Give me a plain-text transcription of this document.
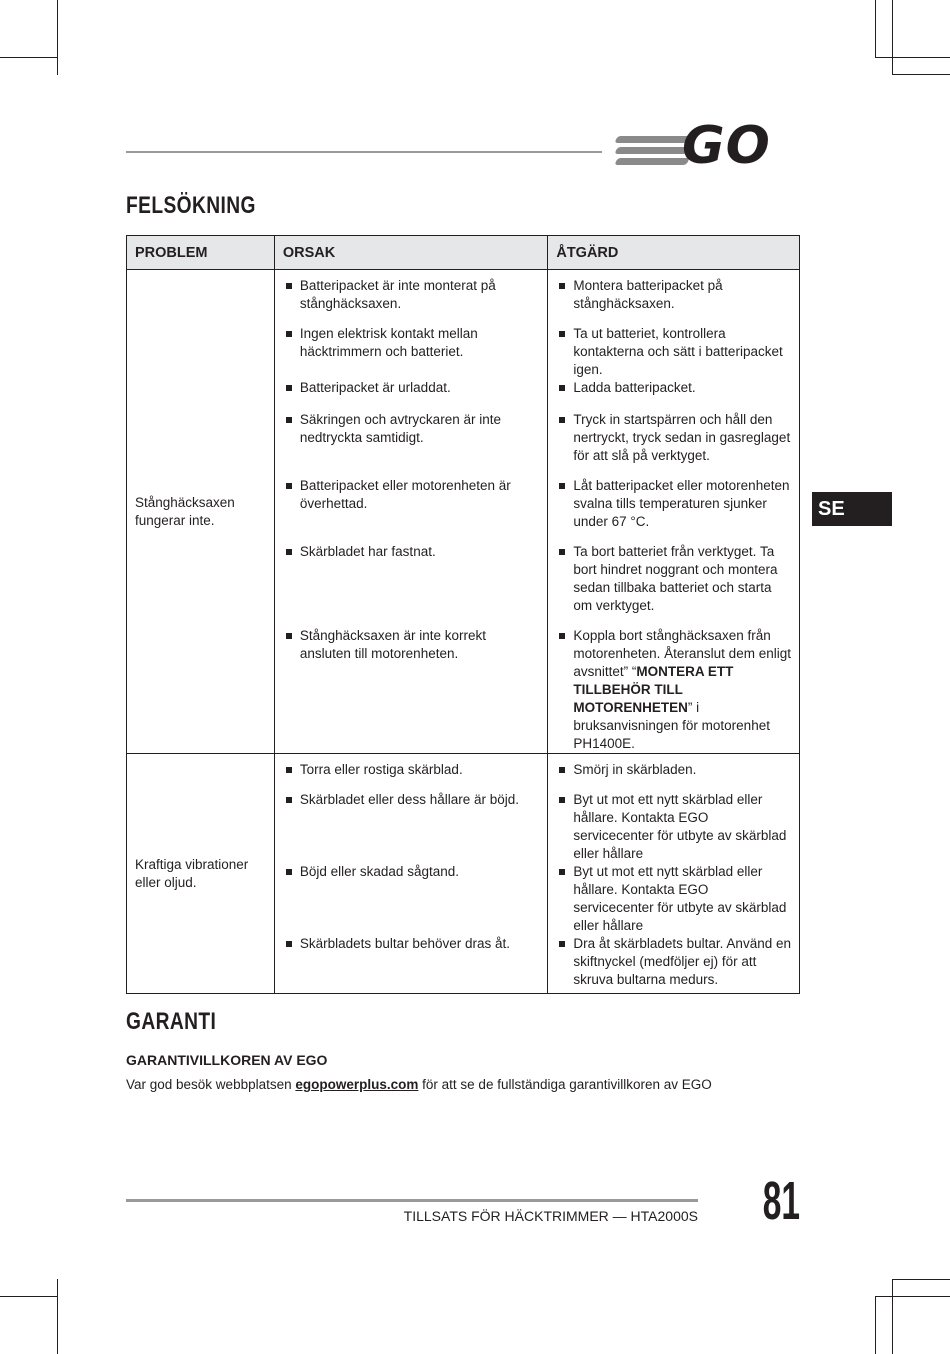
GO
FELSÖKNING
PROBLEM	ORSAK	ÅTGÄRD
Stånghäcksaxen fungerar inte.	Batteripacket är inte monterat på stånghäcksaxen.	Montera batteripacket på stånghäcksaxen.

	Ingen elektrisk kontakt mellan häcktrimmern och batteriet.	Ta ut batteriet, kontrollera kontakterna och sätt i batteripacket igen.

	Batteripacket är urladdat.	Ladda batteripacket.

	Säkringen och avtryckaren är inte nedtryckta samtidigt.	Tryck in startspärren och håll den nertryckt, tryck sedan in gasreglaget för att slå på verktyget.

	Batteripacket eller motorenheten är överhettad.	Låt batteripacket eller motorenheten svalna tills temperaturen sjunker under 67 °C.

	Skärbladet har fastnat.	Ta bort batteriet från verktyget. Ta bort hindret noggrant och montera sedan tillbaka batteriet och starta om verktyget.

	Stånghäcksaxen är inte korrekt ansluten till motorenheten.	Koppla bort stånghäcksaxen från motorenheten. Återanslut dem enligt avsnittet” “MONTERA ETT TILLBEHÖR TILL MOTORENHETEN” i bruksanvisningen för motorenhet PH1400E.

Kraftiga vibrationer eller oljud.	Torra eller rostiga skärblad.	Smörj in skärbladen.

	Skärbladet eller dess hållare är böjd.	Byt ut mot ett nytt skärblad eller hållare. Kontakta EGO servicecenter för utbyte av skärblad eller hållare

	Böjd eller skadad sågtand.	Byt ut mot ett nytt skärblad eller hållare. Kontakta EGO servicecenter för utbyte av skärblad eller hållare

	Skärbladets bultar behöver dras åt.	Dra åt skärbladets bultar. Använd en skiftnyckel (medföljer ej) för att skruva bultarna medurs.
SE
GARANTI

GARANTIVILLKOREN AV EGO

Var god besök webbplatsen egopowerplus.com för att se de fullständiga garantivillkoren av EGO

TILLSATS FÖR HÄCKTRIMMER — HTA2000S	81
